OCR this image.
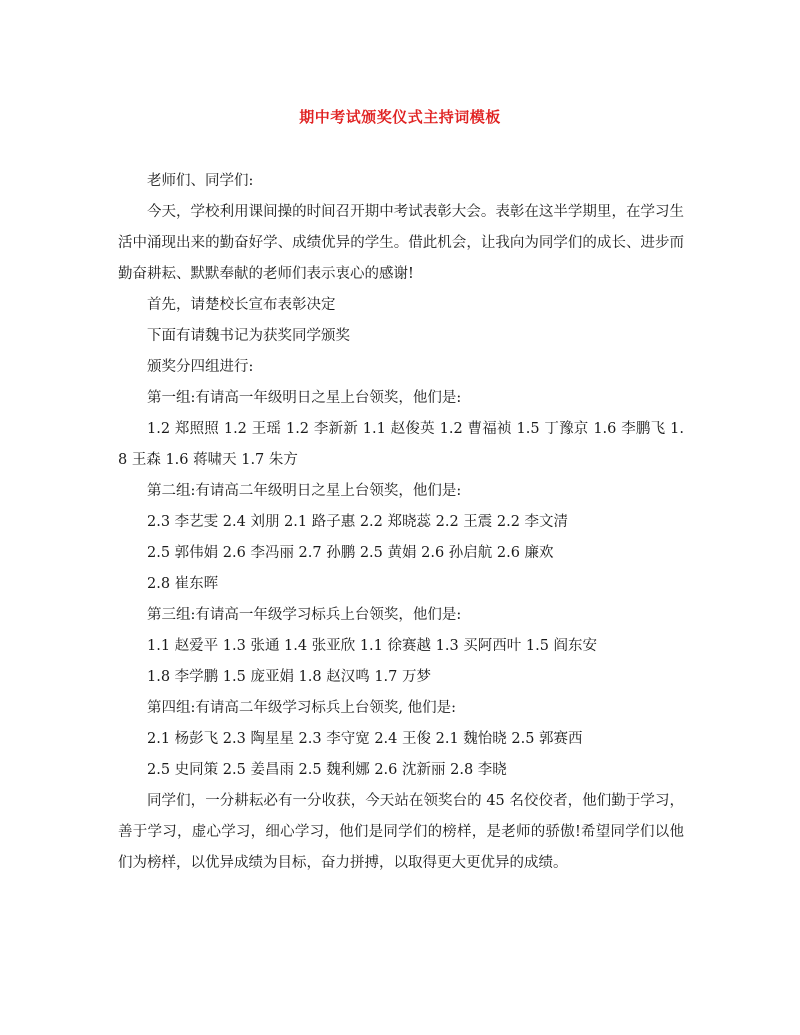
期中考试颁奖仪式主持词模板

老师们、同学们:

今天，学校利用课间操的时间召开期中考试表彰大会。表彰在这半学期里，在学习生活中涌现出来的勤奋好学、成绩优异的学生。借此机会，让我向为同学们的成长、进步而勤奋耕耘、默默奉献的老师们表示衷心的感谢!

首先，请楚校长宣布表彰决定

下面有请魏书记为获奖同学颁奖

颁奖分四组进行:

第一组:有请高一年级明日之星上台领奖，他们是:

1.2 郑照照 1.2 王瑶 1.2 李新新 1.1 赵俊英 1.2 曹福祯 1.5 丁豫京 1.6 李鹏飞 1.8 王森 1.6 蒋啸天 1.7 朱方

第二组:有请高二年级明日之星上台领奖，他们是:

2.3 李艺雯 2.4 刘朋 2.1 路子惠 2.2 郑晓蕊 2.2 王震 2.2 李文清

2.5 郭伟娟 2.6 李冯丽 2.7 孙鹏 2.5 黄娟 2.6 孙启航 2.6 廉欢

2.8 崔东晖

第三组:有请高一年级学习标兵上台领奖，他们是:

1.1 赵爱平 1.3 张通 1.4 张亚欣 1.1 徐赛越 1.3 买阿西叶 1.5 阎东安

1.8 李学鹏 1.5 庞亚娟 1.8 赵汉鸣 1.7 万梦

第四组:有请高二年级学习标兵上台领奖, 他们是:

2.1 杨彭飞 2.3 陶星星 2.3 李守宽 2.4 王俊 2.1 魏怡晓 2.5 郭赛西

2.5 史同策 2.5 姜昌雨 2.5 魏利娜 2.6 沈新丽 2.8 李晓

同学们，一分耕耘必有一分收获，今天站在领奖台的 45 名佼佼者，他们勤于学习，善于学习，虚心学习，细心学习，他们是同学们的榜样，是老师的骄傲!希望同学们以他们为榜样，以优异成绩为目标，奋力拼搏，以取得更大更优异的成绩。
